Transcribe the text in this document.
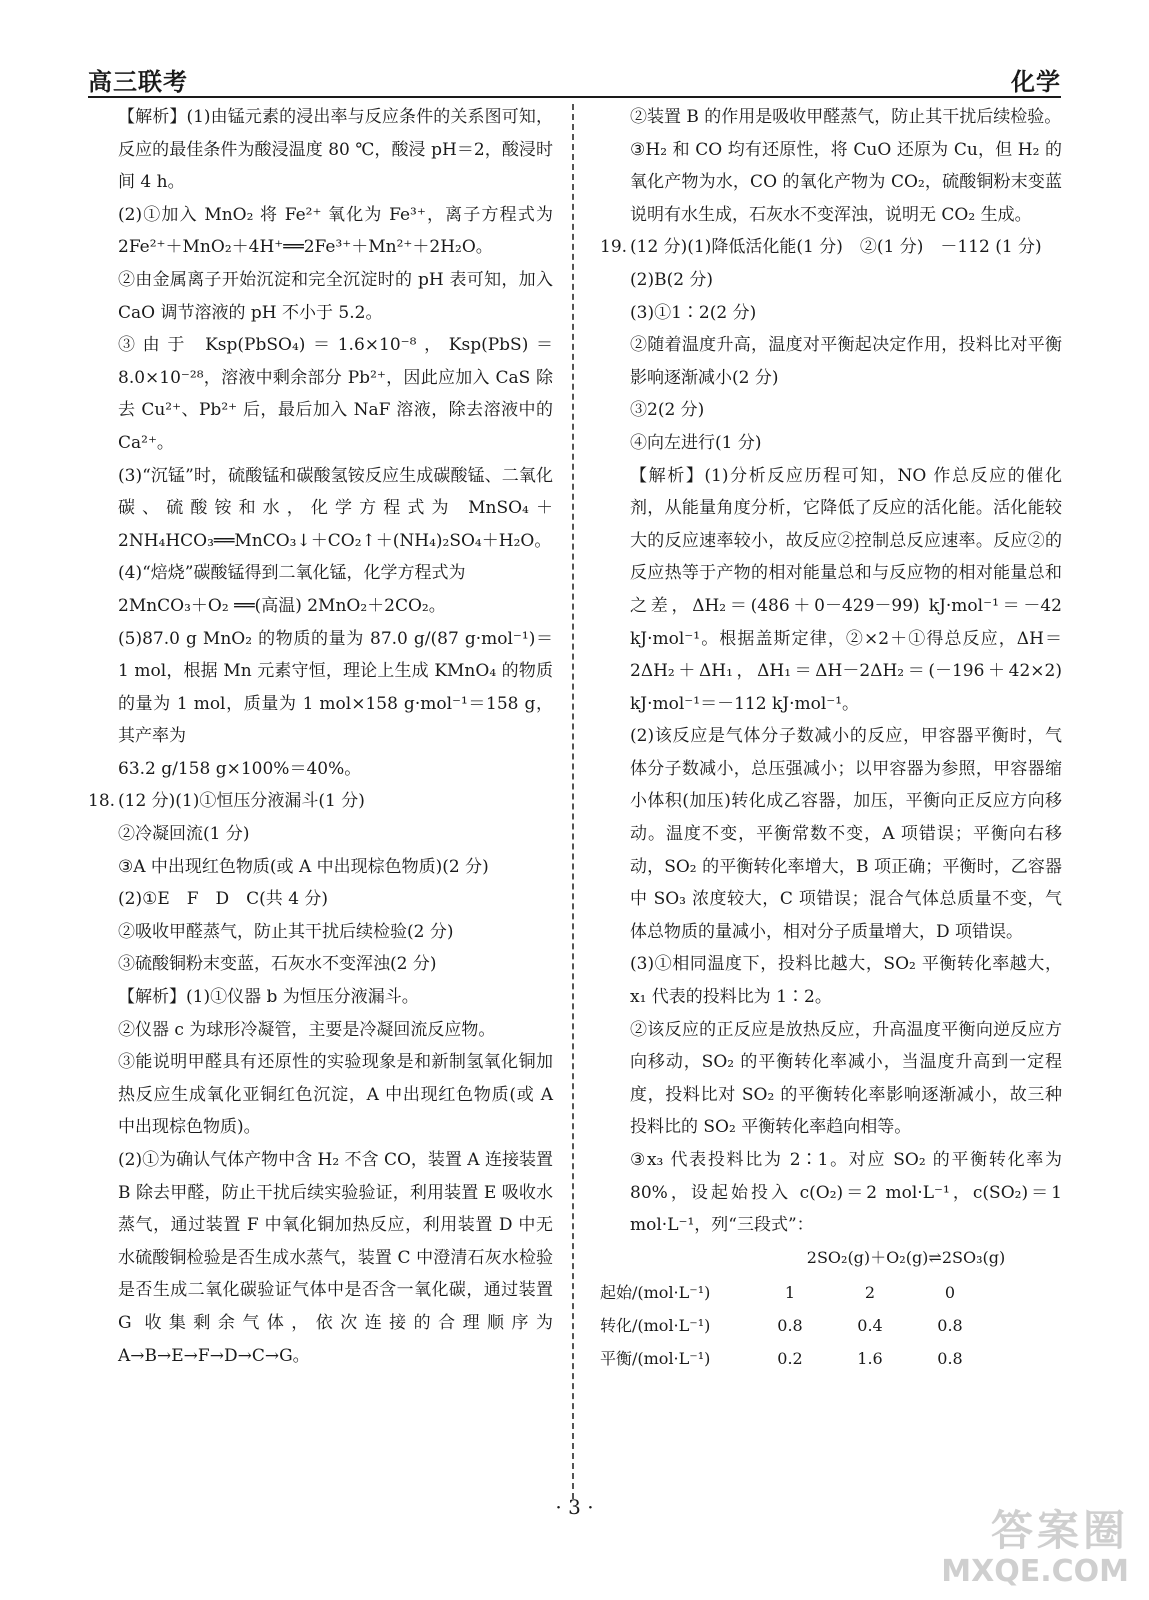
高三联考	化学

【解析】(1)由锰元素的浸出率与反应条件的关系图可知，反应的最佳条件为酸浸温度 80 ℃，酸浸 pH＝2，酸浸时间 4 h。

(2)①加入 MnO₂ 将 Fe²⁺ 氧化为 Fe³⁺，离子方程式为 2Fe²⁺＋MnO₂＋4H⁺══2Fe³⁺＋Mn²⁺＋2H₂O。

②由金属离子开始沉淀和完全沉淀时的 pH 表可知，加入 CaO 调节溶液的 pH 不小于 5.2。

③由于 Ksp(PbSO₄)＝1.6×10⁻⁸，Ksp(PbS)＝8.0×10⁻²⁸，溶液中剩余部分 Pb²⁺，因此应加入 CaS 除去 Cu²⁺、Pb²⁺ 后，最后加入 NaF 溶液，除去溶液中的 Ca²⁺。

(3)“沉锰”时，硫酸锰和碳酸氢铵反应生成碳酸锰、二氧化碳、硫酸铵和水，化学方程式为 MnSO₄＋2NH₄HCO₃══MnCO₃↓＋CO₂↑＋(NH₄)₂SO₄＋H₂O。

(4)“焙烧”碳酸锰得到二氧化锰，化学方程式为

2MnCO₃＋O₂ ══(高温) 2MnO₂＋2CO₂。

(5)87.0 g MnO₂ 的物质的量为 87.0 g/(87 g·mol⁻¹)＝1 mol，根据 Mn 元素守恒，理论上生成 KMnO₄ 的物质的量为 1 mol，质量为 1 mol×158 g·mol⁻¹＝158 g，其产率为

63.2 g/158 g×100%＝40%。

18. (12 分)(1)①恒压分液漏斗(1 分)

②冷凝回流(1 分)

③A 中出现红色物质(或 A 中出现棕色物质)(2 分)

(2)①E　F　D　C(共 4 分)

②吸收甲醛蒸气，防止其干扰后续检验(2 分)

③硫酸铜粉末变蓝，石灰水不变浑浊(2 分)

【解析】(1)①仪器 b 为恒压分液漏斗。

②仪器 c 为球形冷凝管，主要是冷凝回流反应物。

③能说明甲醛具有还原性的实验现象是和新制氢氧化铜加热反应生成氧化亚铜红色沉淀，A 中出现红色物质(或 A 中出现棕色物质)。

(2)①为确认气体产物中含 H₂ 不含 CO，装置 A 连接装置 B 除去甲醛，防止干扰后续实验验证，利用装置 E 吸收水蒸气，通过装置 F 中氧化铜加热反应，利用装置 D 中无水硫酸铜检验是否生成水蒸气，装置 C 中澄清石灰水检验是否生成二氧化碳验证气体中是否含一氧化碳，通过装置 G 收集剩余气体，依次连接的合理顺序为 A→B→E→F→D→C→G。

②装置 B 的作用是吸收甲醛蒸气，防止其干扰后续检验。

③H₂ 和 CO 均有还原性，将 CuO 还原为 Cu，但 H₂ 的氧化产物为水，CO 的氧化产物为 CO₂，硫酸铜粉末变蓝说明有水生成，石灰水不变浑浊，说明无 CO₂ 生成。

19. (12 分)(1)降低活化能(1 分)　②(1 分)　－112 (1 分)

(2)B(2 分)

(3)①1∶2(2 分)

②随着温度升高，温度对平衡起决定作用，投料比对平衡影响逐渐减小(2 分)

③2(2 分)

④向左进行(1 分)

【解析】(1)分析反应历程可知，NO 作总反应的催化剂，从能量角度分析，它降低了反应的活化能。活化能较大的反应速率较小，故反应②控制总反应速率。反应②的反应热等于产物的相对能量总和与反应物的相对能量总和之差，ΔH₂＝(486＋0－429－99) kJ·mol⁻¹＝－42 kJ·mol⁻¹。根据盖斯定律，②×2＋①得总反应，ΔH＝2ΔH₂＋ΔH₁，ΔH₁＝ΔH－2ΔH₂＝(－196＋42×2) kJ·mol⁻¹＝－112 kJ·mol⁻¹。

(2)该反应是气体分子数减小的反应，甲容器平衡时，气体分子数减小，总压强减小；以甲容器为参照，甲容器缩小体积(加压)转化成乙容器，加压，平衡向正反应方向移动。温度不变，平衡常数不变，A 项错误；平衡向右移动，SO₂ 的平衡转化率增大，B 项正确；平衡时，乙容器中 SO₃ 浓度较大，C 项错误；混合气体总质量不变，气体总物质的量减小，相对分子质量增大，D 项错误。

(3)①相同温度下，投料比越大，SO₂ 平衡转化率越大，x₁ 代表的投料比为 1∶2。

②该反应的正反应是放热反应，升高温度平衡向逆反应方向移动，SO₂ 的平衡转化率减小，当温度升高到一定程度，投料比对 SO₂ 的平衡转化率影响逐渐减小，故三种投料比的 SO₂ 平衡转化率趋向相等。

③x₃ 代表投料比为 2∶1。对应 SO₂ 的平衡转化率为 80%，设起始投入 c(O₂)＝2 mol·L⁻¹，c(SO₂)＝1 mol·L⁻¹，列“三段式”：

2SO₂(g)＋O₂(g)⇌2SO₃(g)
起始/(mol·L⁻¹)	1	2	0
转化/(mol·L⁻¹)	0.8	0.4	0.8
平衡/(mol·L⁻¹)	0.2	1.6	0.8
· 3 ·	答案圈
MXQE.COM
